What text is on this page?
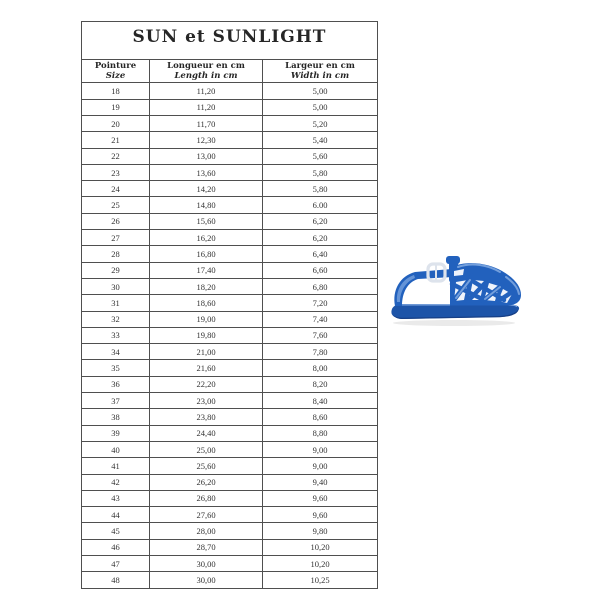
SUN et SUNLIGHT		

Pointure
Size

Longueur en cm
Length in cm

Largeur en cm
Width in cm

18	11,20	5,00
19	11,20	5,00
20	11,70	5,20
21	12,30	5,40
22	13,00	5,60
23	13,60	5,80
24	14,20	5,80
25	14,80	6.00
26	15,60	6,20
27	16,20	6,20
28	16,80	6,40
29	17,40	6,60
30	18,20	6,80
31	18,60	7,20
32	19,00	7,40
33	19,80	7,60
34	21,00	7,80
35	21,60	8,00
36	22,20	8,20
37	23,00	8,40
38	23,80	8,60
39	24,40	8,80
40	25,00	9,00
41	25,60	9,00
42	26,20	9,40
43	26,80	9,60
44	27,60	9,60
45	28,00	9,80
46	28,70	10,20
47	30,00	10,20
48	30,00	10,25
